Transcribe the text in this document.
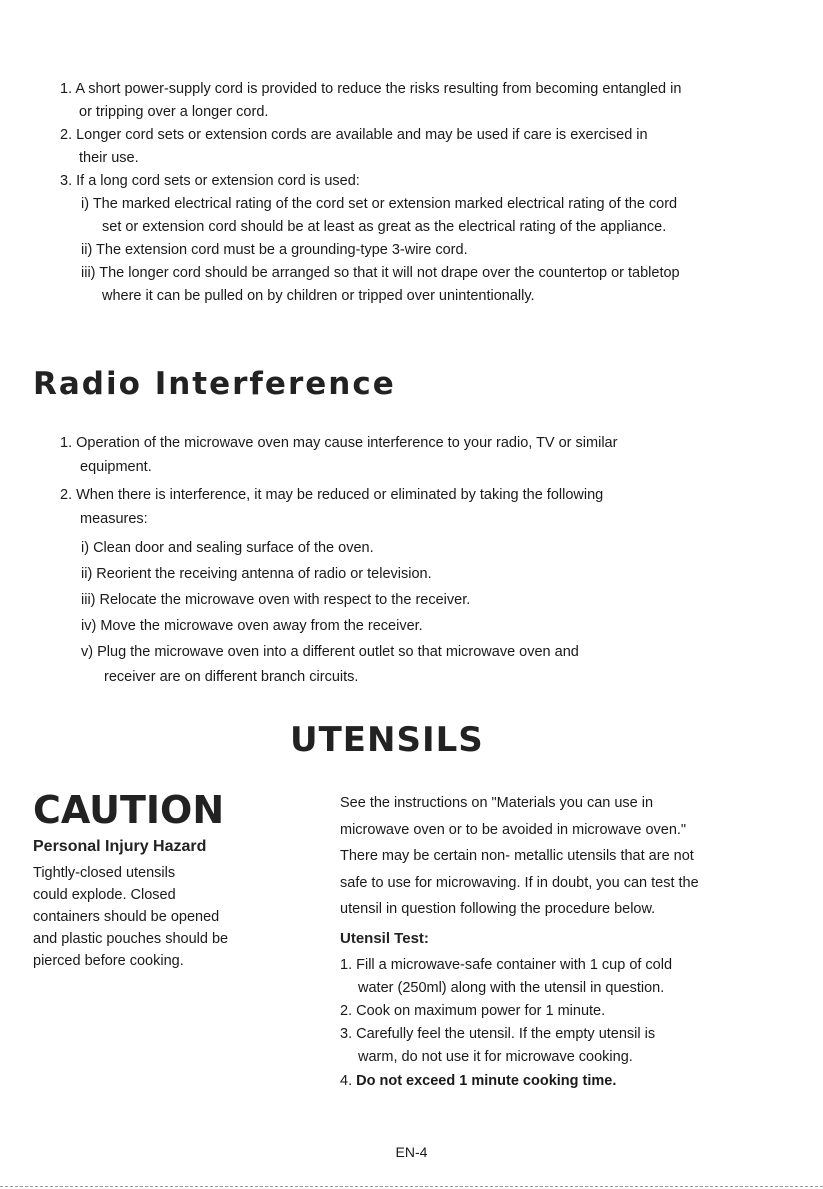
1. A short power-supply cord is provided to reduce the risks resulting from becoming entangled in
or tripping over a longer cord.
2. Longer cord sets or extension cords are available and may be used if care is exercised in
their use.
3. If a long cord sets or extension cord is used:
i) The marked electrical rating of the cord set or extension marked electrical rating of the cord
set or extension cord should be at least as great as the electrical rating of the appliance.
ii) The extension cord must be a grounding-type 3-wire cord.
iii) The longer cord should be arranged so that it will not drape over the countertop or tabletop
where it can be pulled on by children or tripped over unintentionally.
Radio Interference
1. Operation of the microwave oven may cause interference to your radio, TV or similar
equipment.
2. When there is interference, it may be reduced or eliminated by taking the following
measures:
i) Clean door and sealing surface of the oven.
ii) Reorient the receiving antenna of radio or television.
iii) Relocate the microwave oven with respect to the receiver.
iv) Move the microwave oven away from the receiver.
v) Plug the microwave oven into a different outlet so that microwave oven and
receiver are on different branch circuits.
UTENSILS
CAUTION
Personal Injury Hazard
Tightly-closed utensils
could explode. Closed
containers should be opened
and plastic pouches should be
pierced before cooking.
See the instructions on "Materials you can use in
microwave oven or to be avoided in microwave oven."
There may be certain non- metallic utensils that are not
safe to use for microwaving. If in doubt, you can test the
utensil in question following the procedure below.
Utensil Test:
1. Fill a microwave-safe container with 1 cup of cold
water (250ml) along with the utensil in question.
2. Cook on maximum power for 1 minute.
3. Carefully feel the utensil. If the empty utensil is
warm, do not use it for microwave cooking.
4. Do not exceed 1 minute cooking time.
EN-4
